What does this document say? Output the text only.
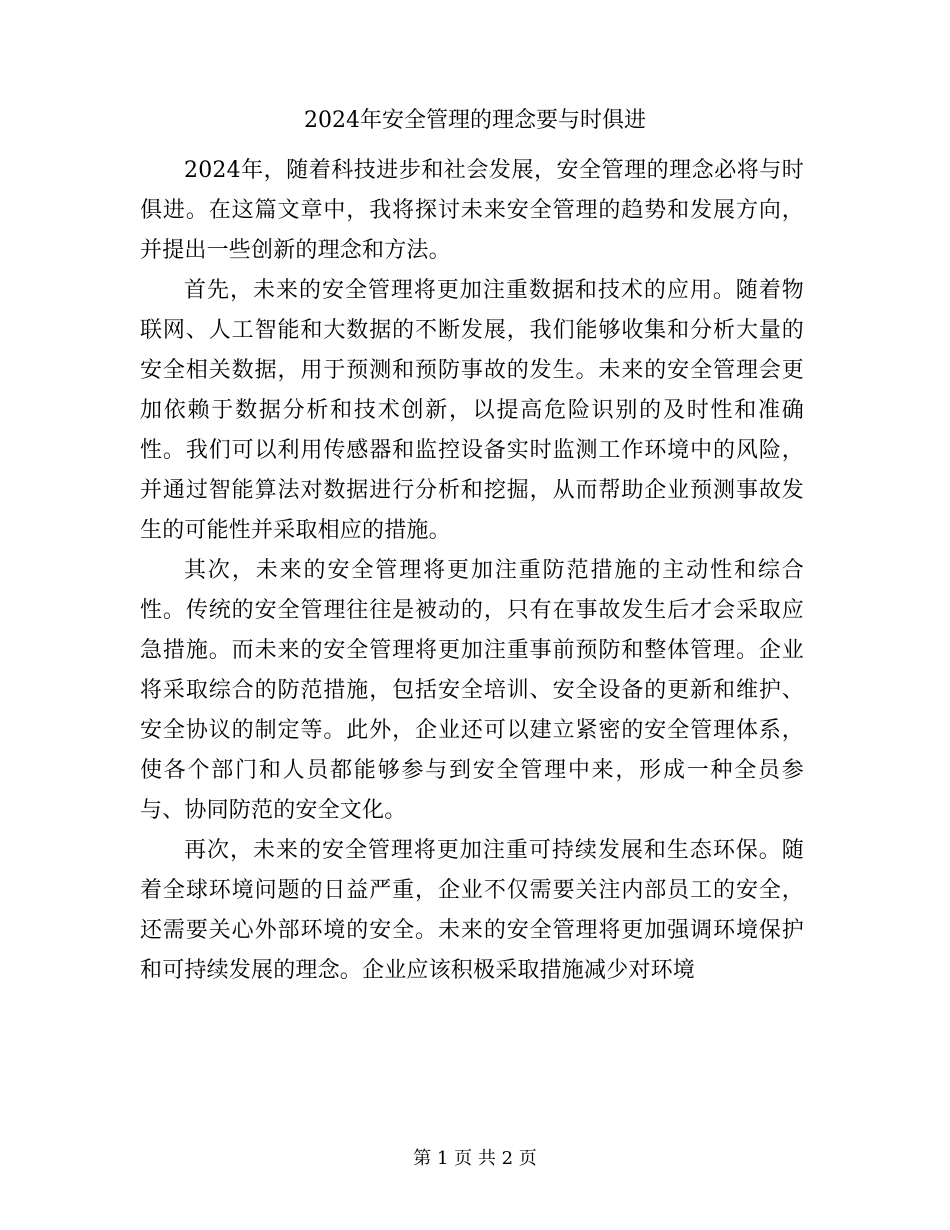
2024年安全管理的理念要与时俱进

2024年，随着科技进步和社会发展，安全管理的理念必将与时俱进。在这篇文章中，我将探讨未来安全管理的趋势和发展方向，并提出一些创新的理念和方法。

首先，未来的安全管理将更加注重数据和技术的应用。随着物联网、人工智能和大数据的不断发展，我们能够收集和分析大量的安全相关数据，用于预测和预防事故的发生。未来的安全管理会更加依赖于数据分析和技术创新，以提高危险识别的及时性和准确性。我们可以利用传感器和监控设备实时监测工作环境中的风险，并通过智能算法对数据进行分析和挖掘，从而帮助企业预测事故发生的可能性并采取相应的措施。

其次，未来的安全管理将更加注重防范措施的主动性和综合性。传统的安全管理往往是被动的，只有在事故发生后才会采取应急措施。而未来的安全管理将更加注重事前预防和整体管理。企业将采取综合的防范措施，包括安全培训、安全设备的更新和维护、安全协议的制定等。此外，企业还可以建立紧密的安全管理体系，使各个部门和人员都能够参与到安全管理中来，形成一种全员参与、协同防范的安全文化。

再次，未来的安全管理将更加注重可持续发展和生态环保。随着全球环境问题的日益严重，企业不仅需要关注内部员工的安全，还需要关心外部环境的安全。未来的安全管理将更加强调环境保护和可持续发展的理念。企业应该积极采取措施减少对环境

第 1 页 共 2 页
